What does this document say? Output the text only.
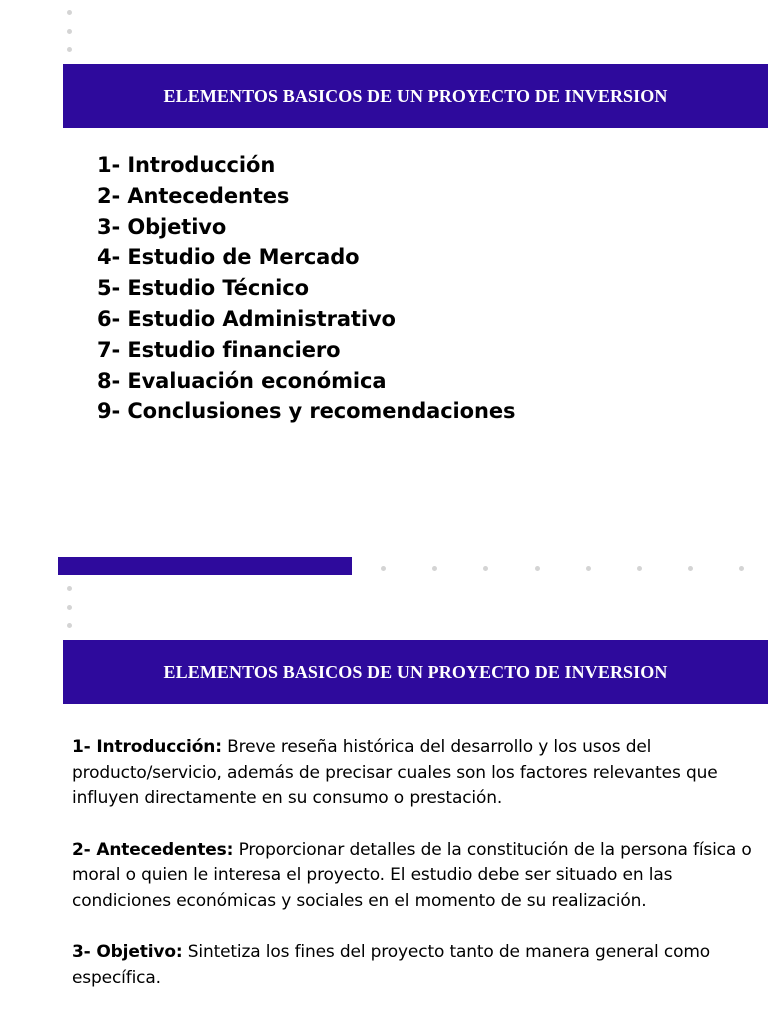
ELEMENTOS BASICOS DE UN PROYECTO DE INVERSION
1- Introducción
2- Antecedentes
3- Objetivo
4- Estudio de Mercado
5- Estudio Técnico
6- Estudio Administrativo
7- Estudio financiero
8- Evaluación económica
9- Conclusiones y recomendaciones
ELEMENTOS BASICOS DE UN PROYECTO DE INVERSION

1- Introducción: Breve reseña histórica del desarrollo y los usos del producto/servicio, además de precisar cuales son los factores relevantes que influyen directamente en su consumo o prestación.

2- Antecedentes: Proporcionar detalles de la constitución de la persona física o moral o quien le interesa el proyecto. El estudio debe ser situado en las condiciones económicas y sociales en el momento de su realización.

3- Objetivo: Sintetiza los fines del proyecto tanto de manera general como específica.
